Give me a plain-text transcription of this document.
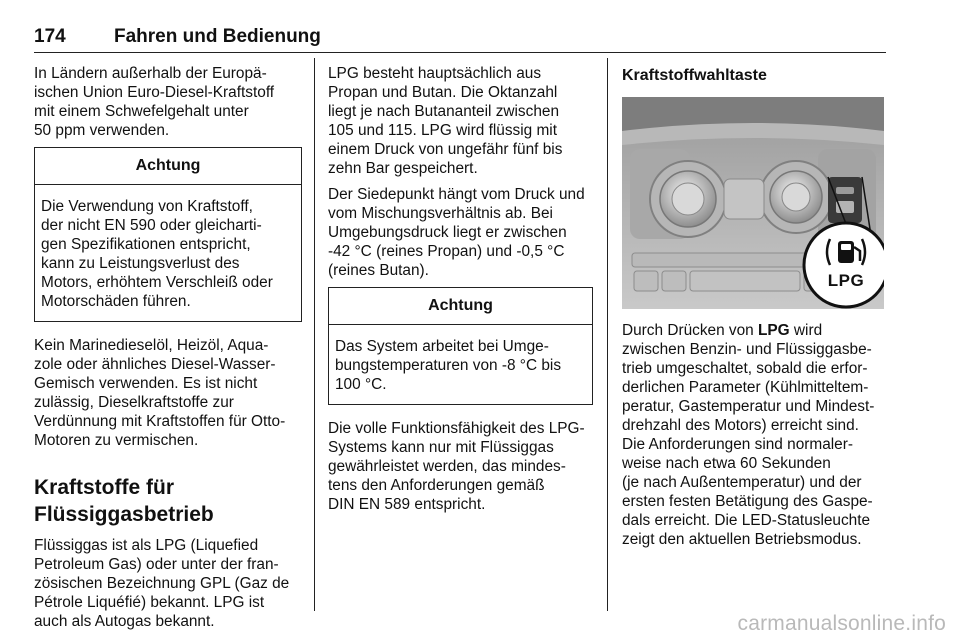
174	Fahren und Bedienung

In Ländern außerhalb der Europä-
ischen Union Euro-Diesel-Kraftstoff
mit einem Schwefelgehalt unter
50 ppm verwenden.

Achtung
Die Verwendung von Kraftstoff,
der nicht EN 590 oder gleicharti-
gen Spezifikationen entspricht,
kann zu Leistungsverlust des
Motors, erhöhtem Verschleiß oder
Motorschäden führen.

Kein Marinedieselöl, Heizöl, Aqua-
zole oder ähnliches Diesel-Wasser-
Gemisch verwenden. Es ist nicht
zulässig, Dieselkraftstoffe zur
Verdünnung mit Kraftstoffen für Otto-
Motoren zu vermischen.

Kraftstoffe für
Flüssiggasbetrieb

Flüssiggas ist als LPG (Liquefied
Petroleum Gas) oder unter der fran-
zösischen Bezeichnung GPL (Gaz de
Pétrole Liquéfié) bekannt. LPG ist
auch als Autogas bekannt.

LPG besteht hauptsächlich aus
Propan und Butan. Die Oktanzahl
liegt je nach Butananteil zwischen
105 und 115. LPG wird flüssig mit
einem Druck von ungefähr fünf bis
zehn Bar gespeichert.

Der Siedepunkt hängt vom Druck und
vom Mischungsverhältnis ab. Bei
Umgebungsdruck liegt er zwischen
-42 °C (reines Propan) und -0,5 °C
(reines Butan).

Achtung
Das System arbeitet bei Umge-
bungstemperaturen von -8 °C bis
100 °C.

Die volle Funktionsfähigkeit des LPG-
Systems kann nur mit Flüssiggas
gewährleistet werden, das mindes-
tens den Anforderungen gemäß
DIN EN 589 entspricht.

Kraftstoffwahltaste
LPG

Durch Drücken von LPG wird
zwischen Benzin- und Flüssiggasbe-
trieb umgeschaltet, sobald die erfor-
derlichen Parameter (Kühlmitteltem-
peratur, Gastemperatur und Mindest-
drehzahl des Motors) erreicht sind.
Die Anforderungen sind normaler-
weise nach etwa 60 Sekunden
(je nach Außentemperatur) und der
ersten festen Betätigung des Gaspe-
dals erreicht. Die LED-Statusleuchte
zeigt den aktuellen Betriebsmodus.

carmanualsonline.info
